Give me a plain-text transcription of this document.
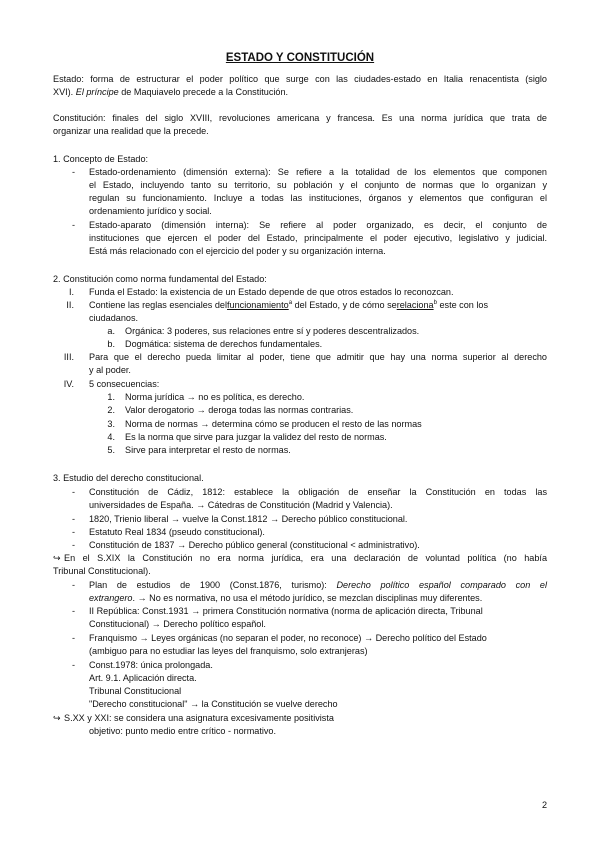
ESTADO Y CONSTITUCIÓN
Estado: forma de estructurar el poder político que surge con las ciudades-estado en Italia renacentista (siglo
XVI). El príncipe de Maquiavelo precede a la Constitución.
Constitución: finales del siglo XVIII, revoluciones americana y francesa. Es una norma jurídica que trata de
organizar una realidad que la precede.
1. Concepto de Estado:
- Estado-ordenamiento (dimensión externa): Se refiere a la totalidad de los elementos que componen
el Estado, incluyendo tanto su territorio, su población y el conjunto de normas que lo organizan y
regulan su funcionamiento. Incluye a todas las instituciones, órganos y elementos que configuran el
ordenamiento jurídico y social.
- Estado-aparato (dimensión interna): Se refiere al poder organizado, es decir, el conjunto de
instituciones que ejercen el poder del Estado, principalmente el poder ejecutivo, legislativo y judicial.
Está más relacionado con el ejercicio del poder y su organización interna.
2. Constitución como norma fundamental del Estado:
I. Funda el Estado: la existencia de un Estado depende de que otros estados lo reconozcan.
II. Contiene las reglas esenciales delfuncionamiento$^a$ del Estado, y de cómo serelaciona$^b$ este con los
ciudadanos.
a. Orgánica: 3 poderes, sus relaciones entre sí y poderes descentralizados.
b. Dogmática: sistema de derechos fundamentales.
III. Para que el derecho pueda limitar al poder, tiene que admitir que hay una norma superior al derecho
y al poder.
IV. 5 consecuencias:
1. Norma jurídica → no es política, es derecho.
2. Valor derogatorio → deroga todas las normas contrarias.
3. Norma de normas → determina cómo se producen el resto de las normas
4. Es la norma que sirve para juzgar la validez del resto de normas.
5. Sirve para interpretar el resto de normas.
3. Estudio del derecho constitucional.
- Constitución de Cádiz, 1812: establece la obligación de enseñar la Constitución en todas las
universidades de España. → Cátedras de Constitución (Madrid y Valencia).
- 1820, Trienio liberal → vuelve la Const.1812 → Derecho público constitucional.
- Estatuto Real 1834 (pseudo constitucional).
- Constitución de 1837 → Derecho público general (constitucional < administrativo).
↪ En el S.XIX la Constitución no era norma jurídica, era una declaración de voluntad política (no había
Tribunal Constitucional).
- Plan de estudios de 1900 (Const.1876, turismo): Derecho político español comparado con el
extrangero. → No es normativa, no usa el método jurídico, se mezclan disciplinas muy diferentes.
- II República: Const.1931 → primera Constitución normativa (norma de aplicación directa, Tribunal
Constitucional) → Derecho político español.
- Franquismo → Leyes orgánicas (no separan el poder, no reconoce) → Derecho político del Estado
(ambiguo para no estudiar las leyes del franquismo, solo extranjeras)
- Const.1978: única prolongada.
Art. 9.1. Aplicación directa.
Tribunal Constitucional
"Derecho constitucional" → la Constitución se vuelve derecho
↪ S.XX y XXI: se considera una asignatura excesivamente positivista
objetivo: punto medio entre crítico - normativo.
2
